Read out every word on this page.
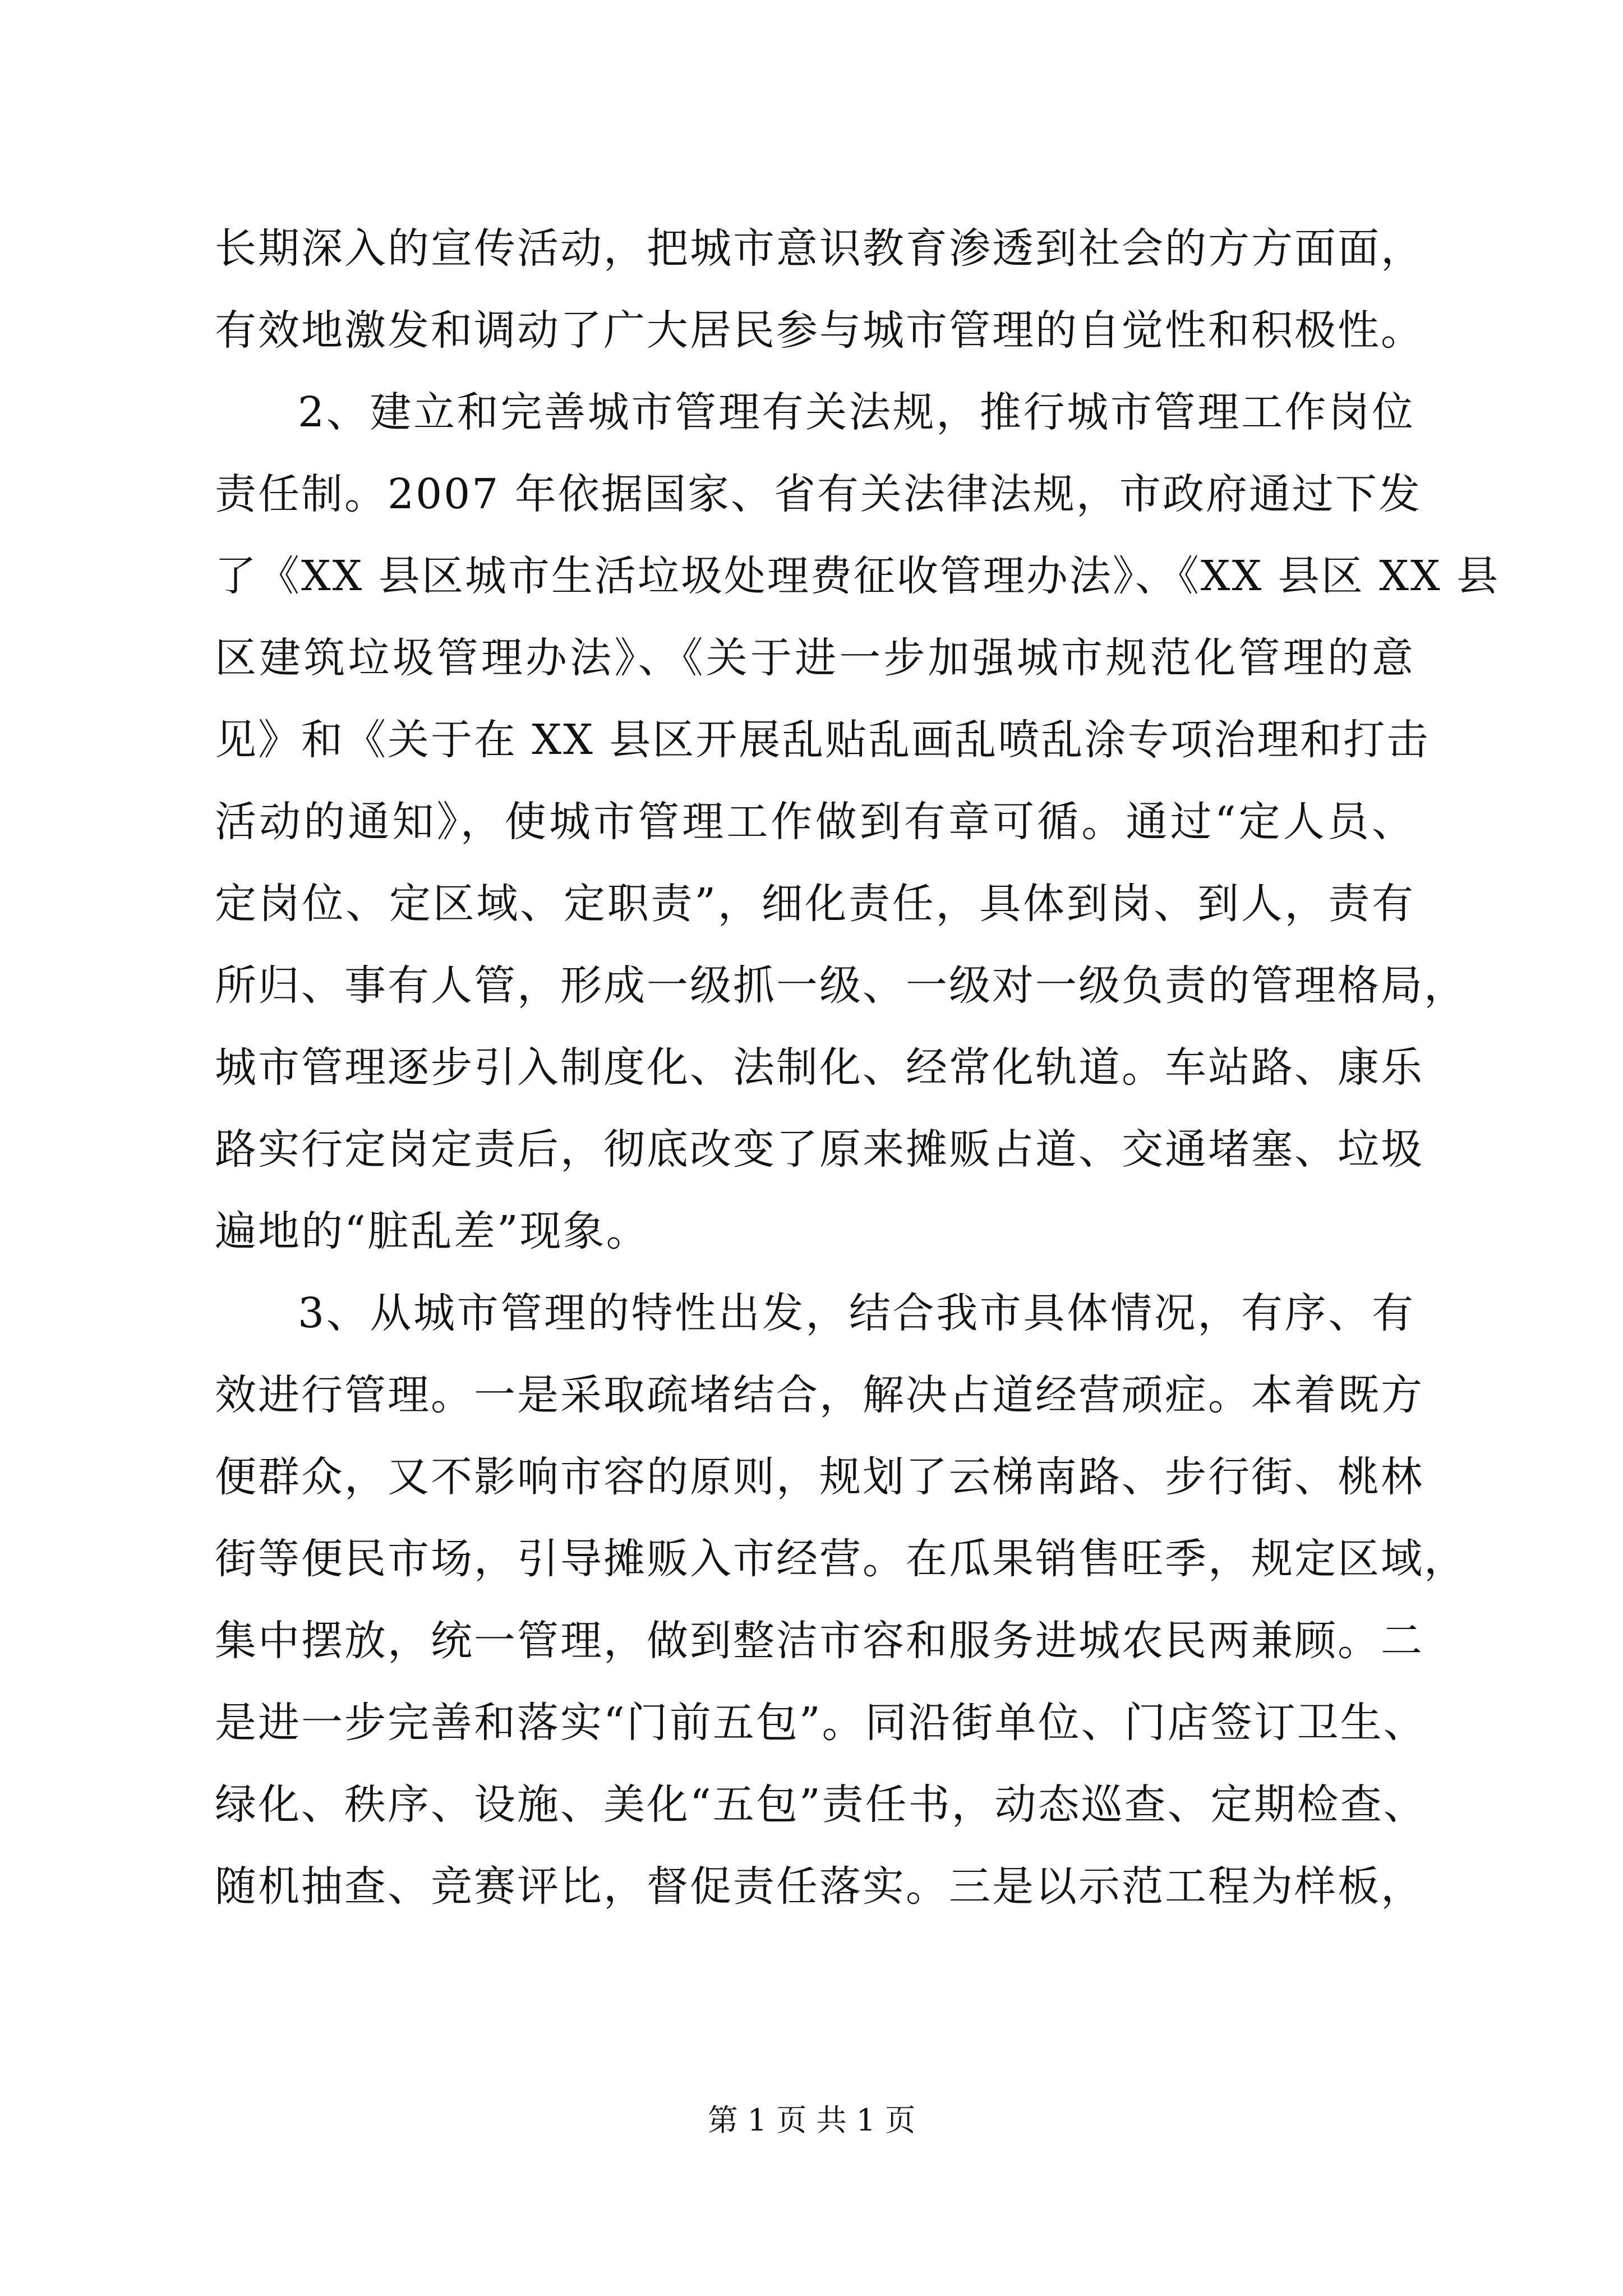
长期深入的宣传活动，把城市意识教育渗透到社会的方方面面，
有效地激发和调动了广大居民参与城市管理的自觉性和积极性。
2、建立和完善城市管理有关法规，推行城市管理工作岗位
责任制。2007 年依据国家、省有关法律法规，市政府通过下发
了《XX 县区城市生活垃圾处理费征收管理办法》、《XX 县区 XX 县
区建筑垃圾管理办法》、《关于进一步加强城市规范化管理的意
见》和《关于在 XX 县区开展乱贴乱画乱喷乱涂专项治理和打击
活动的通知》，使城市管理工作做到有章可循。通过“定人员、
定岗位、定区域、定职责”，细化责任，具体到岗、到人，责有
所归、事有人管，形成一级抓一级、一级对一级负责的管理格局，
城市管理逐步引入制度化、法制化、经常化轨道。车站路、康乐
路实行定岗定责后，彻底改变了原来摊贩占道、交通堵塞、垃圾
遍地的“脏乱差”现象。
3、从城市管理的特性出发，结合我市具体情况，有序、有
效进行管理。一是采取疏堵结合，解决占道经营顽症。本着既方
便群众，又不影响市容的原则，规划了云梯南路、步行街、桃林
街等便民市场，引导摊贩入市经营。在瓜果销售旺季，规定区域，
集中摆放，统一管理，做到整洁市容和服务进城农民两兼顾。二
是进一步完善和落实“门前五包”。同沿街单位、门店签订卫生、
绿化、秩序、设施、美化“五包”责任书，动态巡查、定期检查、
随机抽查、竞赛评比，督促责任落实。三是以示范工程为样板，
第 1 页 共 1 页
